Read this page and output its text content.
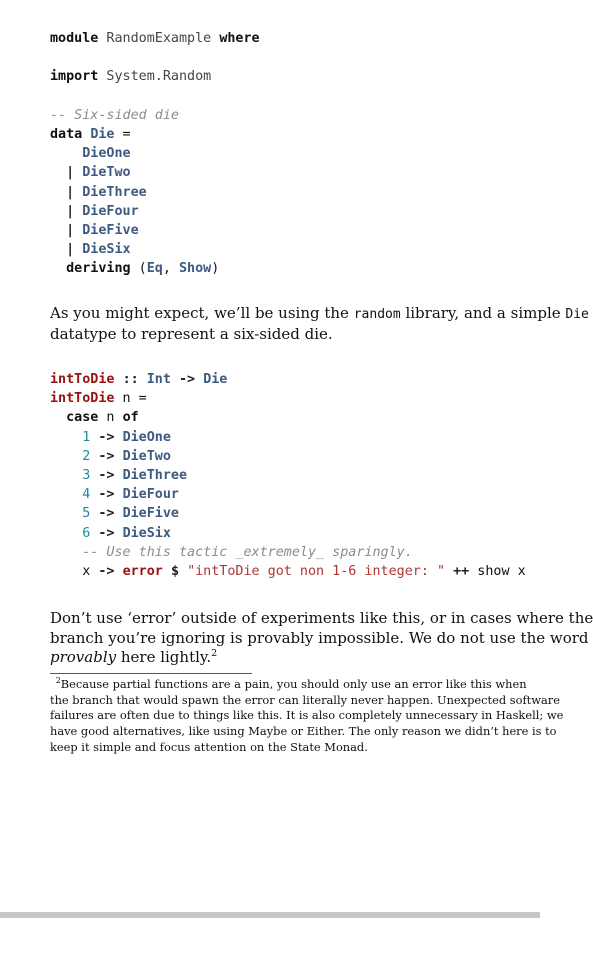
module RandomExample where

import System.Random

-- Six-sided die
data Die =
DieOne
| DieTwo
| DieThree
| DieFour
| DieFive
| DieSix
deriving (Eq, Show)
As you might expect, we’ll be using the random library, and a simple Die
datatype to represent a six-sided die.
intToDie :: Int -> Die
intToDie n =
case n of
1 -> DieOne
2 -> DieTwo
3 -> DieThree
4 -> DieFour
5 -> DieFive
6 -> DieSix
-- Use this tactic _extremely_ sparingly.
x -> error $ "intToDie got non 1-6 integer: " ++ show x
Don’t use ‘error’ outside of experiments like this, or in cases where the
branch you’re ignoring is provably impossible. We do not use the word
provably here lightly.$^2$
 $^2$Because partial functions are a pain, you should only use an error like this when
the branch that would spawn the error can literally never happen. Unexpected software
failures are often due to things like this. It is also completely unnecessary in Haskell; we
have good alternatives, like using Maybe or Either. The only reason we didn’t here is to
keep it simple and focus attention on the State Monad.
